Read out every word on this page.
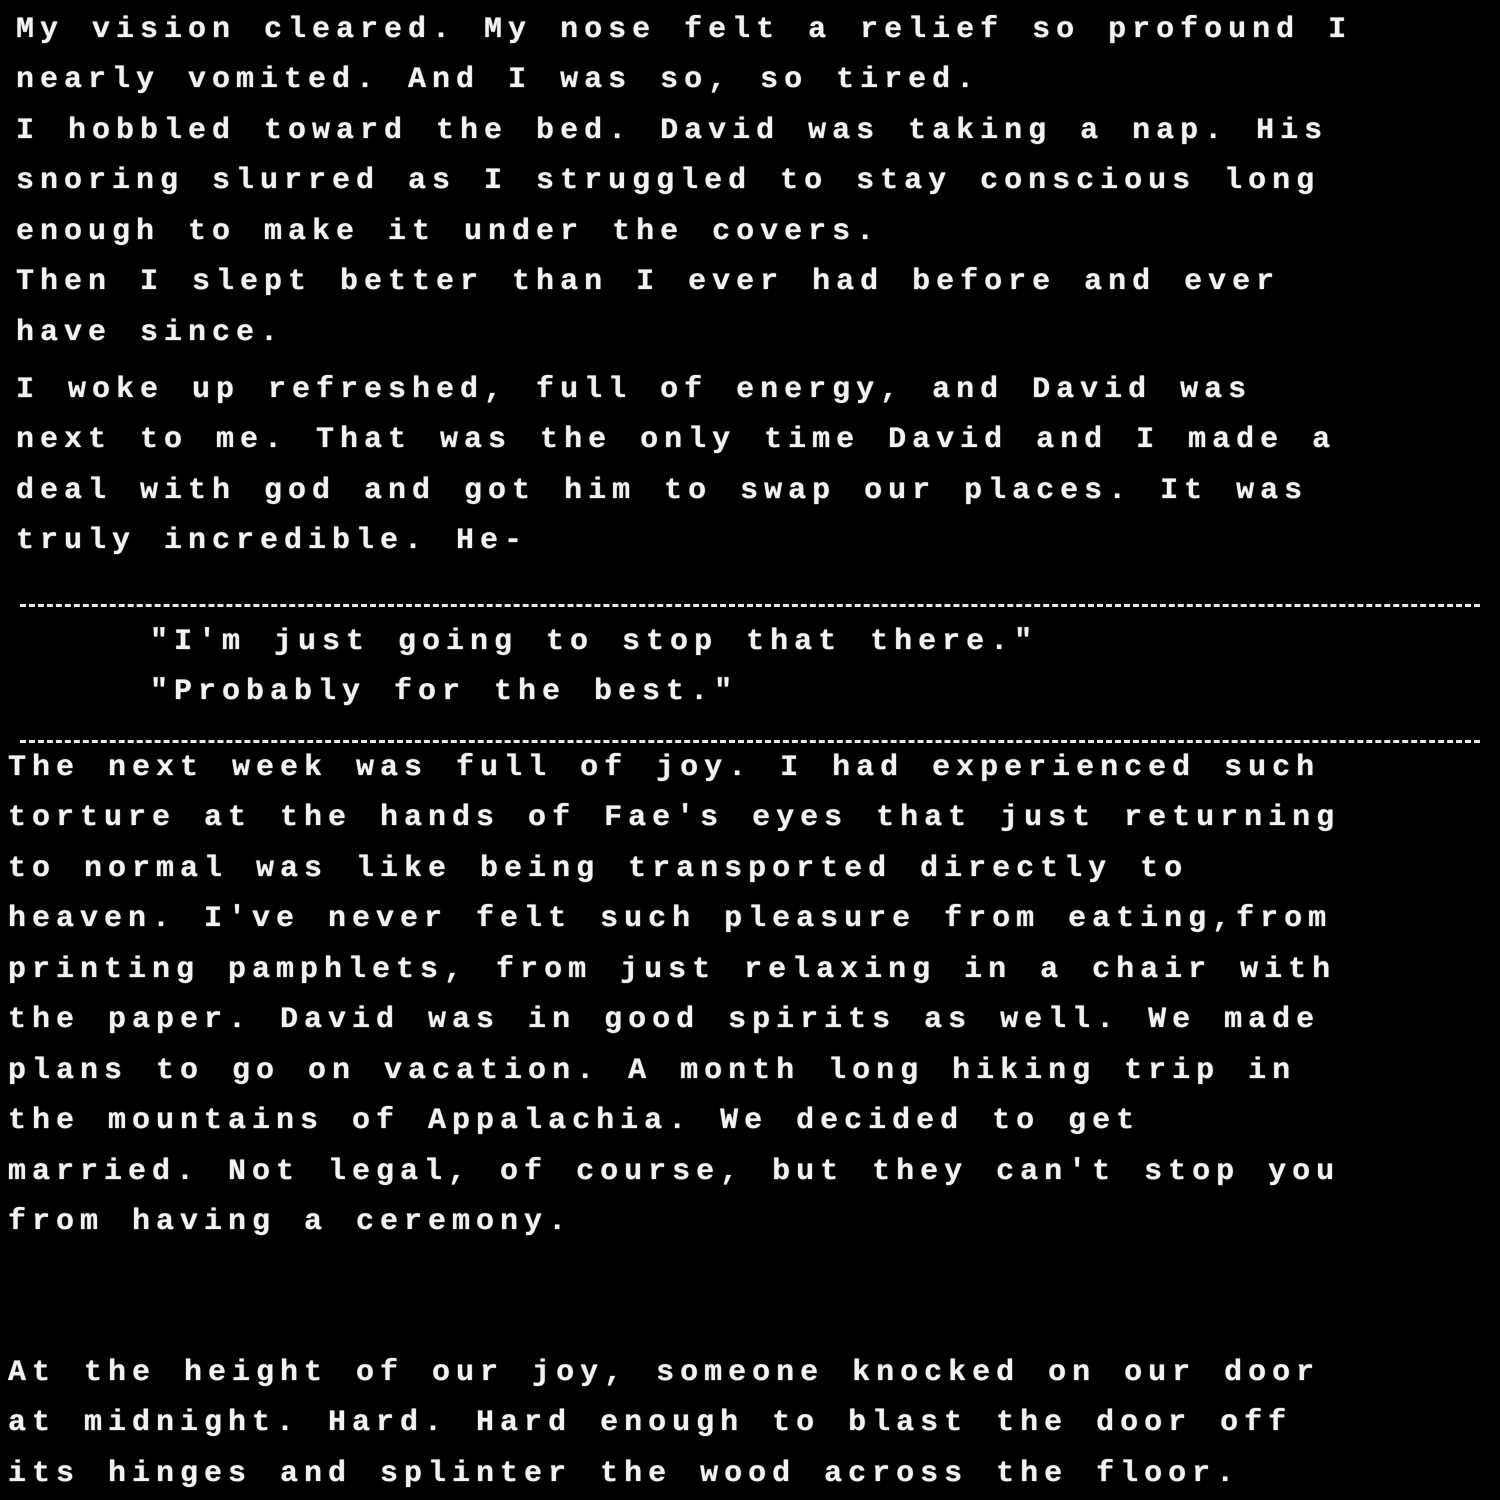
My vision cleared. My nose felt a relief so profound I
nearly vomited. And I was so, so tired.
I hobbled toward the bed. David was taking a nap. His
snoring slurred as I struggled to stay conscious long
enough to make it under the covers.
Then I slept better than I ever had before and ever
have since.
I woke up refreshed, full of energy, and David was
next to me. That was the only time David and I made a
deal with god and got him to swap our places. It was
truly incredible. He-
"I'm just going to stop that there."
"Probably for the best."
The next week was full of joy. I had experienced such
torture at the hands of Fae's eyes that just returning
to normal was like being transported directly to
heaven. I've never felt such pleasure from eating,from
printing pamphlets, from just relaxing in a chair with
the paper. David was in good spirits as well. We made
plans to go on vacation. A month long hiking trip in
the mountains of Appalachia. We decided to get
married. Not legal, of course, but they can't stop you
from having a ceremony.
At the height of our joy, someone knocked on our door
at midnight. Hard. Hard enough to blast the door off
its hinges and splinter the wood across the floor.
